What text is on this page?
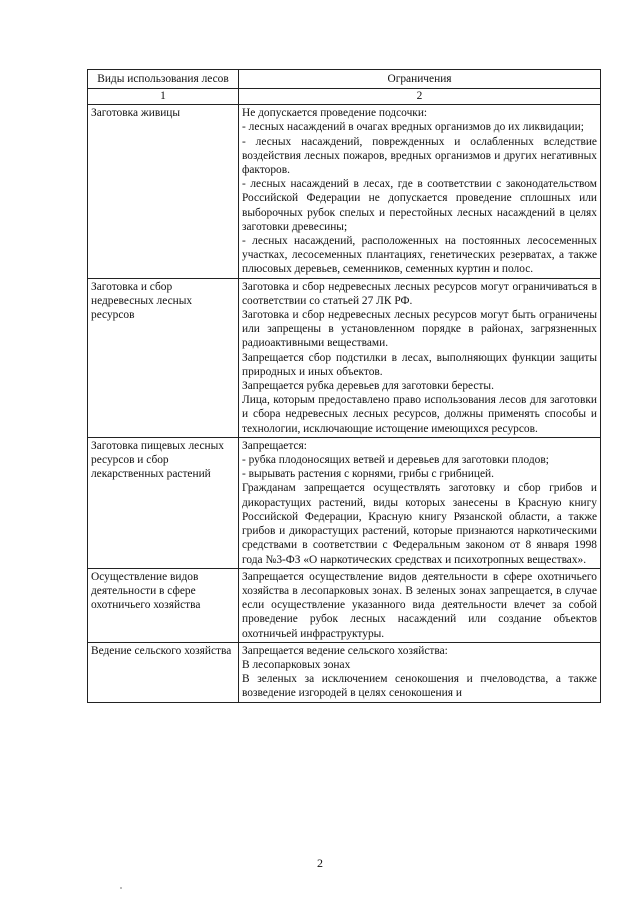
Виды использования лесов	Ограничения
1	2
Заготовка живицы	Не допускается проведение подсочки:

- лесных насаждений в очагах вредных организмов до их ликвидации;

- лесных насаждений, поврежденных и ослабленных вследствие воздействия лесных пожаров, вредных организмов и других негативных факторов.

- лесных насаждений в лесах, где в соответствии с законодательством Российской Федерации не допускается проведение сплошных или выборочных рубок спелых и перестойных лесных насаждений в целях заготовки древесины;

- лесных насаждений, расположенных на постоянных лесосеменных участках, лесосеменных плантациях, генетических резерватах, а также плюсовых деревьев, семенников, семенных куртин и полос.

Заготовка и сбор недревесных лесных ресурсов	Заготовка и сбор недревесных лесных ресурсов могут ограничиваться в соответствии со статьей 27 ЛК РФ.

Заготовка и сбор недревесных лесных ресурсов могут быть ограничены или запрещены в установленном порядке в районах, загрязненных радиоактивными веществами.

Запрещается сбор подстилки в лесах, выполняющих функции защиты природных и иных объектов.

Запрещается рубка деревьев для заготовки бересты.

Лица, которым предоставлено право использования лесов для заготовки и сбора недревесных лесных ресурсов, должны применять способы и технологии, исключающие истощение имеющихся ресурсов.

Заготовка пищевых лесных ресурсов и сбор лекарственных растений	Запрещается:

- рубка плодоносящих ветвей и деревьев для заготовки плодов;

- вырывать растения с корнями, грибы с грибницей.

Гражданам запрещается осуществлять заготовку и сбор грибов и дикорастущих растений, виды которых занесены в Красную книгу Российской Федерации, Красную книгу Рязанской области, а также грибов и дикорастущих растений, которые признаются наркотическими средствами в соответствии с Федеральным законом от 8 января 1998 года №3-ФЗ «О наркотических средствах и психотропных веществах».

Осуществление видов деятельности в сфере охотничьего хозяйства	Запрещается осуществление видов деятельности в сфере охотничьего хозяйства в лесопарковых зонах. В зеленых зонах запрещается, в случае если осуществление указанного вида деятельности влечет за собой проведение рубок лесных насаждений или создание объектов охотничьей инфраструктуры.

Ведение сельского хозяйства	Запрещается ведение сельского хозяйства:

В лесопарковых зонах

В зеленых за исключением сенокошения и пчеловодства, а также возведение изгородей в целях сенокошения и

2
